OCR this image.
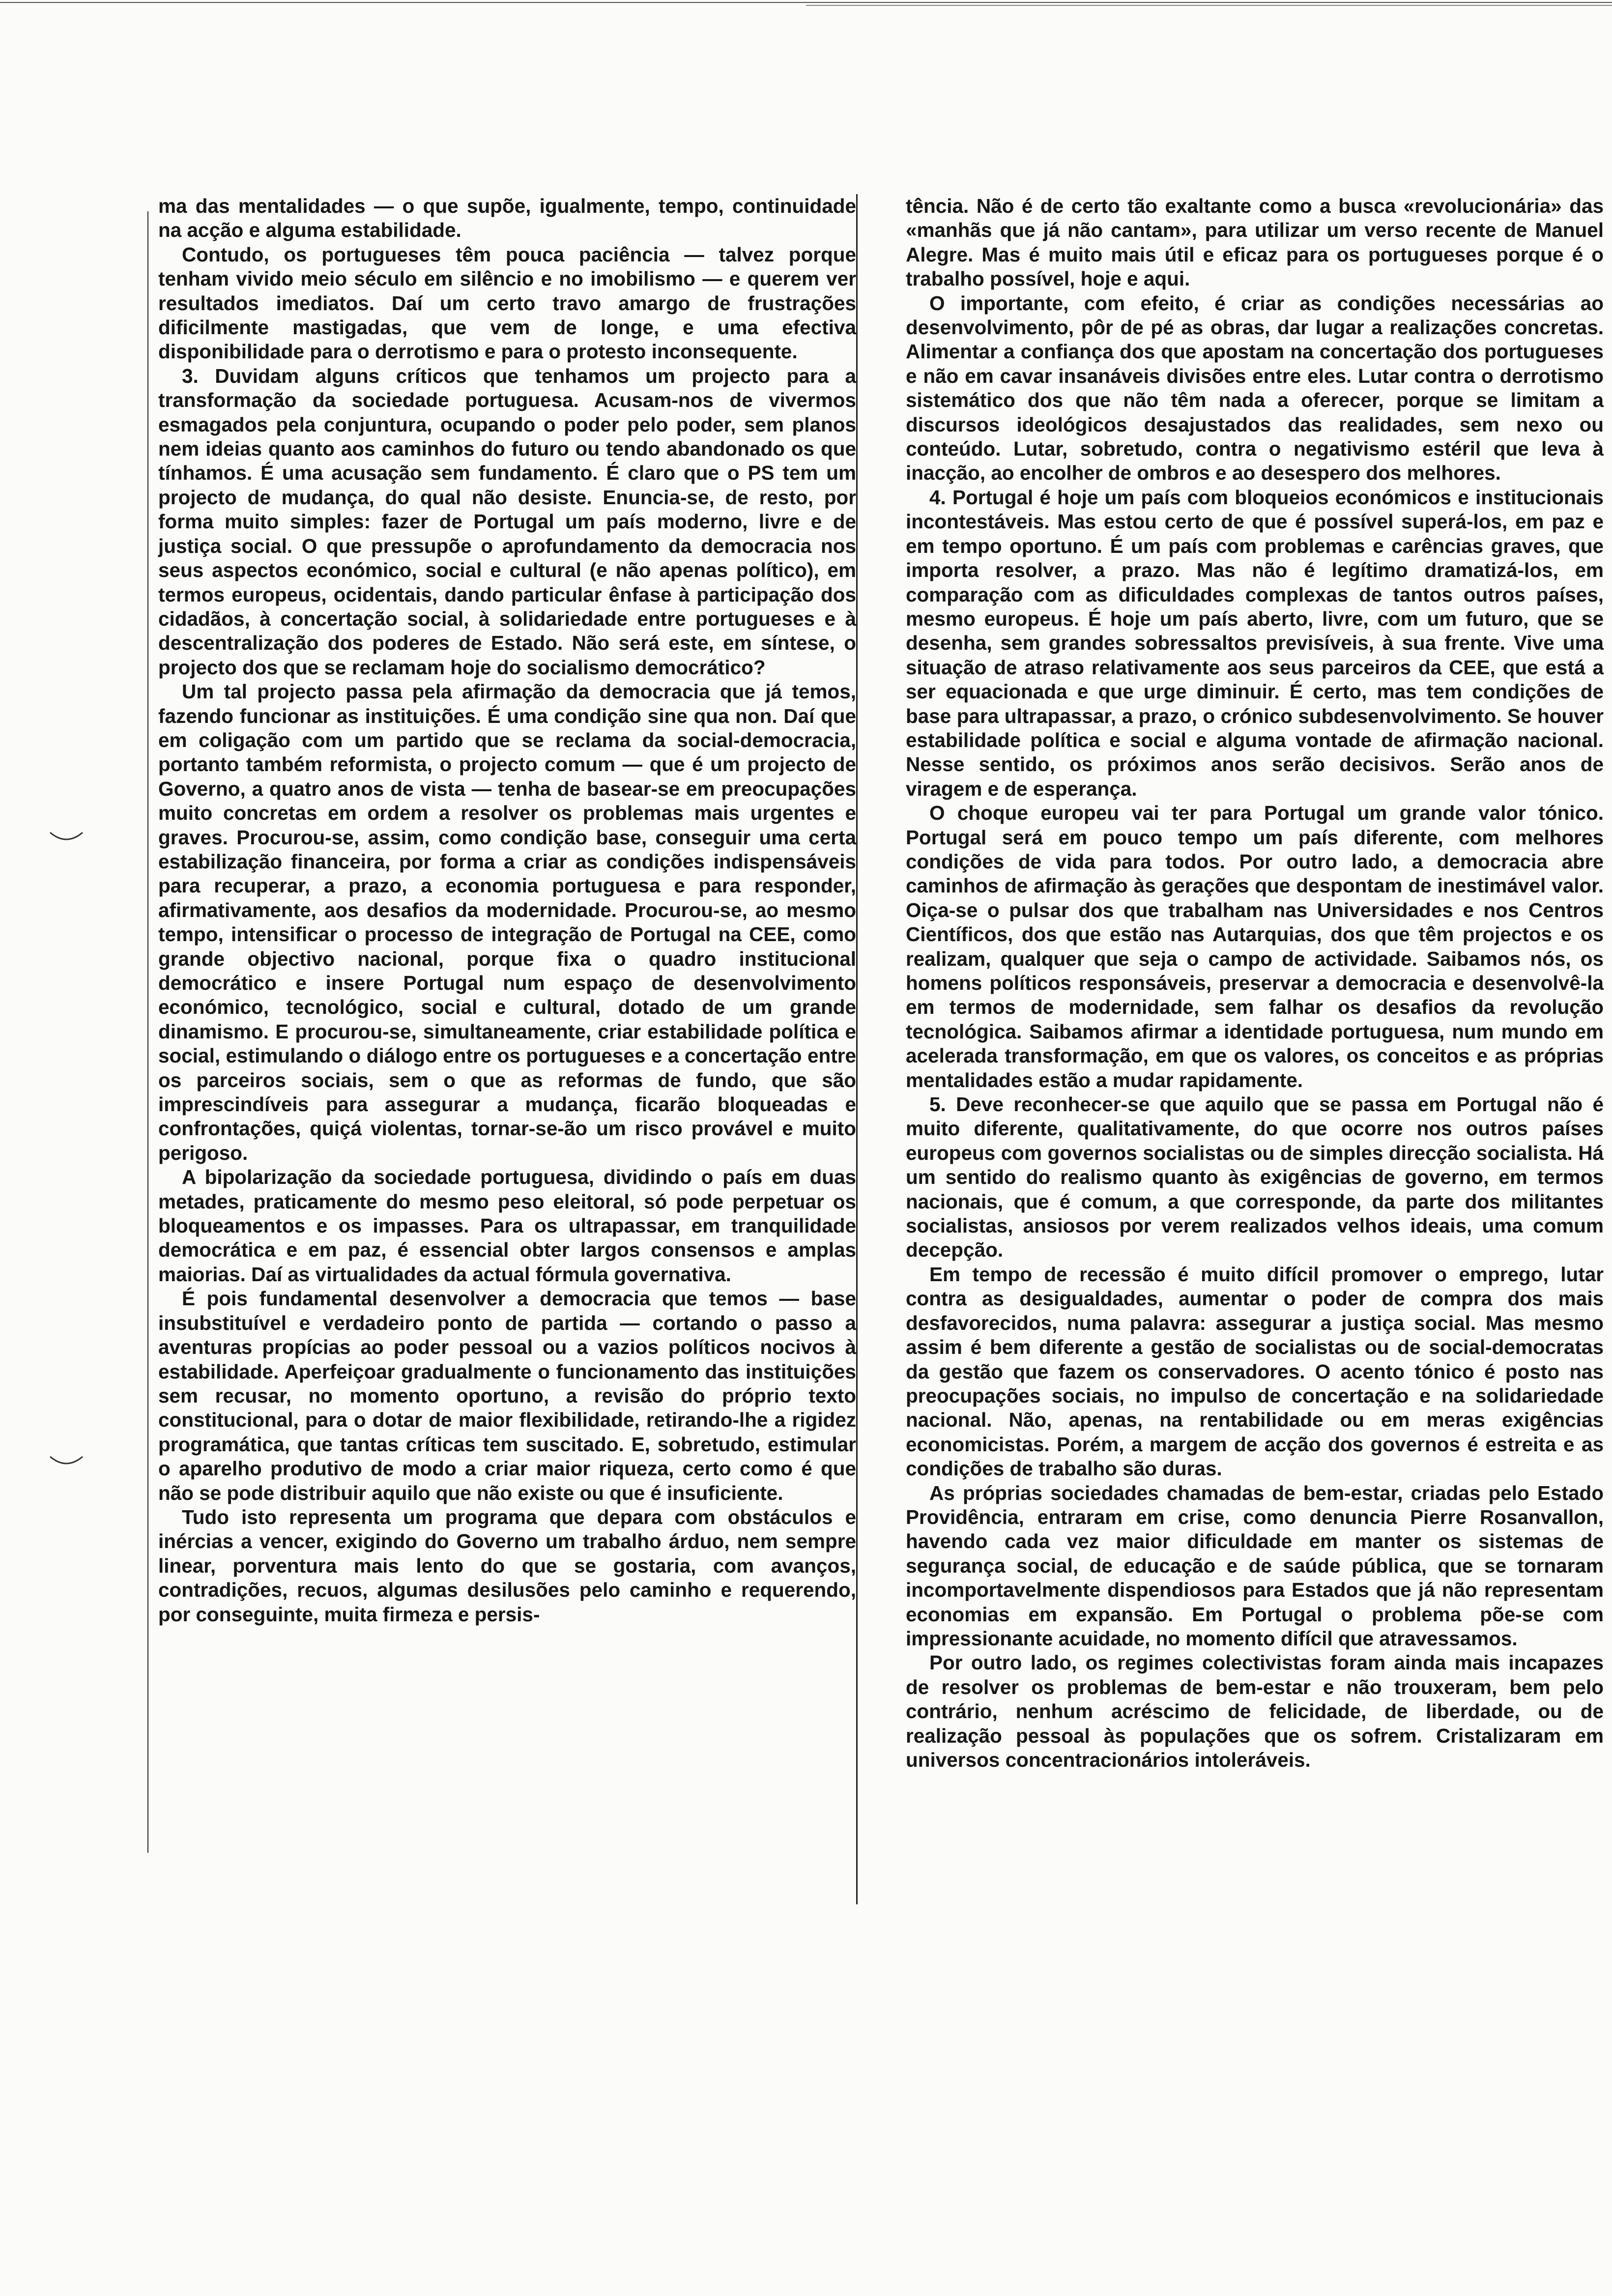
ma das mentalidades — o que supõe, igualmente, tempo, continuidade na acção e alguma estabilidade.

Contudo, os portugueses têm pouca paciência — talvez porque tenham vivido meio século em silêncio e no imobilismo — e querem ver resultados imediatos. Daí um certo travo amargo de frustrações dificilmente mastigadas, que vem de longe, e uma efectiva disponibilidade para o derrotismo e para o protesto inconsequente.

3. Duvidam alguns críticos que tenhamos um projecto para a transformação da sociedade portuguesa. Acusam-nos de vivermos esmagados pela conjuntura, ocupando o poder pelo poder, sem planos nem ideias quanto aos caminhos do futuro ou tendo abandonado os que tínhamos. É uma acusação sem fundamento. É claro que o PS tem um projecto de mudança, do qual não desiste. Enuncia-se, de resto, por forma muito simples: fazer de Portugal um país moderno, livre e de justiça social. O que pressupõe o aprofundamento da democracia nos seus aspectos económico, social e cultural (e não apenas político), em termos europeus, ocidentais, dando particular ênfase à participação dos cidadãos, à concertação social, à solidariedade entre portugueses e à descentralização dos poderes de Estado. Não será este, em síntese, o projecto dos que se reclamam hoje do socialismo democrático?

Um tal projecto passa pela afirmação da democracia que já temos, fazendo funcionar as instituições. É uma condição sine qua non. Daí que em coligação com um partido que se reclama da social-democracia, portanto também reformista, o projecto comum — que é um projecto de Governo, a quatro anos de vista — tenha de basear-se em preocupações muito concretas em ordem a resolver os problemas mais urgentes e graves. Procurou-se, assim, como condição base, conseguir uma certa estabilização financeira, por forma a criar as condições indispensáveis para recuperar, a prazo, a economia portuguesa e para responder, afirmativamente, aos desafios da modernidade. Procurou-se, ao mesmo tempo, intensificar o processo de integração de Portugal na CEE, como grande objectivo nacional, porque fixa o quadro institucional democrático e insere Portugal num espaço de desenvolvimento económico, tecnológico, social e cultural, dotado de um grande dinamismo. E procurou-se, simultaneamente, criar estabilidade política e social, estimulando o diálogo entre os portugueses e a concertação entre os parceiros sociais, sem o que as reformas de fundo, que são imprescindíveis para assegurar a mudança, ficarão bloqueadas e confrontações, quiçá violentas, tornar-se-ão um risco provável e muito perigoso.

A bipolarização da sociedade portuguesa, dividindo o país em duas metades, praticamente do mesmo peso eleitoral, só pode perpetuar os bloqueamentos e os impasses. Para os ultrapassar, em tranquilidade democrática e em paz, é essencial obter largos consensos e amplas maiorias. Daí as virtualidades da actual fórmula governativa.

É pois fundamental desenvolver a democracia que temos — base insubstituível e verdadeiro ponto de partida — cortando o passo a aventuras propícias ao poder pessoal ou a vazios políticos nocivos à estabilidade. Aperfeiçoar gradualmente o funcionamento das instituições sem recusar, no momento oportuno, a revisão do próprio texto constitucional, para o dotar de maior flexibilidade, retirando-lhe a rigidez programática, que tantas críticas tem suscitado. E, sobretudo, estimular o aparelho produtivo de modo a criar maior riqueza, certo como é que não se pode distribuir aquilo que não existe ou que é insuficiente.

Tudo isto representa um programa que depara com obstáculos e inércias a vencer, exigindo do Governo um trabalho árduo, nem sempre linear, porventura mais lento do que se gostaria, com avanços, contradições, recuos, algumas desilusões pelo caminho e requerendo, por conseguinte, muita firmeza e persis-

tência. Não é de certo tão exaltante como a busca «revolucionária» das «manhãs que já não cantam», para utilizar um verso recente de Manuel Alegre. Mas é muito mais útil e eficaz para os portugueses porque é o trabalho possível, hoje e aqui.

O importante, com efeito, é criar as condições necessárias ao desenvolvimento, pôr de pé as obras, dar lugar a realizações concretas. Alimentar a confiança dos que apostam na concertação dos portugueses e não em cavar insanáveis divisões entre eles. Lutar contra o derrotismo sistemático dos que não têm nada a oferecer, porque se limitam a discursos ideológicos desajustados das realidades, sem nexo ou conteúdo. Lutar, sobretudo, contra o negativismo estéril que leva à inacção, ao encolher de ombros e ao desespero dos melhores.

4. Portugal é hoje um país com bloqueios económicos e institucionais incontestáveis. Mas estou certo de que é possível superá-los, em paz e em tempo oportuno. É um país com problemas e carências graves, que importa resolver, a prazo. Mas não é legítimo dramatizá-los, em comparação com as dificuldades complexas de tantos outros países, mesmo europeus. É hoje um país aberto, livre, com um futuro, que se desenha, sem grandes sobressaltos previsíveis, à sua frente. Vive uma situação de atraso relativamente aos seus parceiros da CEE, que está a ser equacionada e que urge diminuir. É certo, mas tem condições de base para ultrapassar, a prazo, o crónico subdesenvolvimento. Se houver estabilidade política e social e alguma vontade de afirmação nacional. Nesse sentido, os próximos anos serão decisivos. Serão anos de viragem e de esperança.

O choque europeu vai ter para Portugal um grande valor tónico. Portugal será em pouco tempo um país diferente, com melhores condições de vida para todos. Por outro lado, a democracia abre caminhos de afirmação às gerações que despontam de inestimável valor. Oiça-se o pulsar dos que trabalham nas Universidades e nos Centros Científicos, dos que estão nas Autarquias, dos que têm projectos e os realizam, qualquer que seja o campo de actividade. Saibamos nós, os homens políticos responsáveis, preservar a democracia e desenvolvê-la em termos de modernidade, sem falhar os desafios da revolução tecnológica. Saibamos afirmar a identidade portuguesa, num mundo em acelerada transformação, em que os valores, os conceitos e as próprias mentalidades estão a mudar rapidamente.

5. Deve reconhecer-se que aquilo que se passa em Portugal não é muito diferente, qualitativamente, do que ocorre nos outros países europeus com governos socialistas ou de simples direcção socialista. Há um sentido do realismo quanto às exigências de governo, em termos nacionais, que é comum, a que corresponde, da parte dos militantes socialistas, ansiosos por verem realizados velhos ideais, uma comum decepção.

Em tempo de recessão é muito difícil promover o emprego, lutar contra as desigualdades, aumentar o poder de compra dos mais desfavorecidos, numa palavra: assegurar a justiça social. Mas mesmo assim é bem diferente a gestão de socialistas ou de social-democratas da gestão que fazem os conservadores. O acento tónico é posto nas preocupações sociais, no impulso de concertação e na solidariedade nacional. Não, apenas, na rentabilidade ou em meras exigências economicistas. Porém, a margem de acção dos governos é estreita e as condições de trabalho são duras.

As próprias sociedades chamadas de bem-estar, criadas pelo Estado Providência, entraram em crise, como denuncia Pierre Rosanvallon, havendo cada vez maior dificuldade em manter os sistemas de segurança social, de educação e de saúde pública, que se tornaram incomportavelmente dispendiosos para Estados que já não representam economias em expansão. Em Portugal o problema põe-se com impressionante acuidade, no momento difícil que atravessamos.

Por outro lado, os regimes colectivistas foram ainda mais incapazes de resolver os problemas de bem-estar e não trouxeram, bem pelo contrário, nenhum acréscimo de felicidade, de liberdade, ou de realização pessoal às populações que os sofrem. Cristalizaram em universos concentracionários intoleráveis.
